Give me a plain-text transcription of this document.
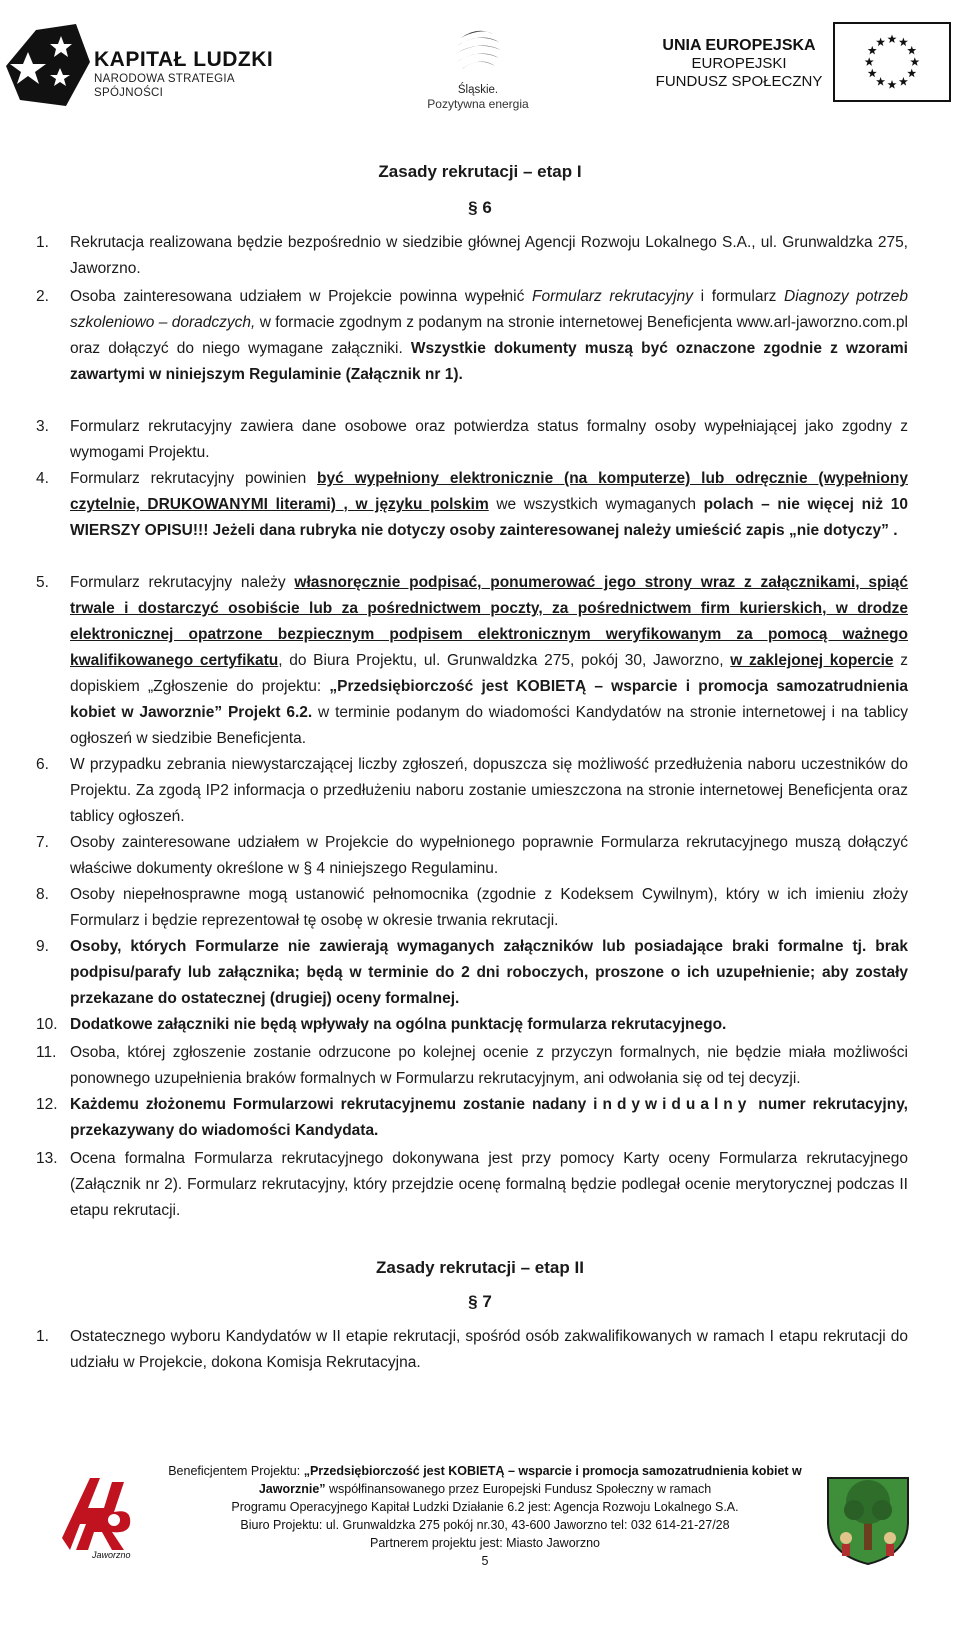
KAPITAŁ LUDZKI
NARODOWA STRATEGIA SPÓJNOŚCI	Śląskie.
Pozytywna energia
UNIA EUROPEJSKA
EUROPEJSKI
FUNDUSZ SPOŁECZNY
Zasady rekrutacji – etap I
§ 6
1. Rekrutacja realizowana będzie bezpośrednio w siedzibie głównej Agencji Rozwoju Lokalnego S.A., ul. Grunwaldzka 275, Jaworzno.
2. Osoba zainteresowana udziałem w Projekcie powinna wypełnić Formularz rekrutacyjny i formularz Diagnozy potrzeb szkoleniowo – doradczych, w formacie zgodnym z podanym na stronie internetowej Beneficjenta www.arl-jaworzno.com.pl oraz dołączyć do niego wymagane załączniki. Wszystkie dokumenty muszą być oznaczone zgodnie z wzorami zawartymi w niniejszym Regulaminie (Załącznik nr 1).
3. Formularz rekrutacyjny zawiera dane osobowe oraz potwierdza status formalny osoby wypełniającej jako zgodny z wymogami Projektu.
4. Formularz rekrutacyjny powinien być wypełniony elektronicznie (na komputerze) lub odręcznie (wypełniony czytelnie, DRUKOWANYMI literami) , w języku polskim we wszystkich wymaganych polach – nie więcej niż 10 WIERSZY OPISU!!! Jeżeli dana rubryka nie dotyczy osoby zainteresowanej należy umieścić zapis „nie dotyczy” .
5. Formularz rekrutacyjny należy własnoręcznie podpisać, ponumerować jego strony wraz z załącznikami, spiąć trwale i dostarczyć osobiście lub za pośrednictwem poczty, za pośrednictwem firm kurierskich, w drodze elektronicznej opatrzone bezpiecznym podpisem elektronicznym weryfikowanym za pomocą ważnego kwalifikowanego certyfikatu, do Biura Projektu, ul. Grunwaldzka 275, pokój 30, Jaworzno, w zaklejonej kopercie z dopiskiem „Zgłoszenie do projektu: „Przedsiębiorczość jest KOBIETĄ – wsparcie i promocja samozatrudnienia kobiet w Jaworznie” Projekt 6.2. w terminie podanym do wiadomości Kandydatów na stronie internetowej i na tablicy ogłoszeń w siedzibie Beneficjenta.
6. W przypadku zebrania niewystarczającej liczby zgłoszeń, dopuszcza się możliwość przedłużenia naboru uczestników do Projektu. Za zgodą IP2 informacja o przedłużeniu naboru zostanie umieszczona na stronie internetowej Beneficjenta oraz tablicy ogłoszeń.
7. Osoby zainteresowane udziałem w Projekcie do wypełnionego poprawnie Formularza rekrutacyjnego muszą dołączyć właściwe dokumenty określone w § 4 niniejszego Regulaminu.
8. Osoby niepełnosprawne mogą ustanowić pełnomocnika (zgodnie z Kodeksem Cywilnym), który w ich imieniu złoży Formularz i będzie reprezentował tę osobę w okresie trwania rekrutacji.
9. Osoby, których Formularze nie zawierają wymaganych załączników lub posiadające braki formalne tj. brak podpisu/parafy lub załącznika; będą w terminie do 2 dni roboczych, proszone o ich uzupełnienie; aby zostały przekazane do ostatecznej (drugiej) oceny formalnej.
10. Dodatkowe załączniki nie będą wpływały na ogólna punktację formularza rekrutacyjnego.
11. Osoba, której zgłoszenie zostanie odrzucone po kolejnej ocenie z przyczyn formalnych, nie będzie miała możliwości ponownego uzupełnienia braków formalnych w Formularzu rekrutacyjnym, ani odwołania się od tej decyzji.
12. Każdemu złożonemu Formularzowi rekrutacyjnemu zostanie nadany indywidualny numer rekrutacyjny, przekazywany do wiadomości Kandydata.
13. Ocena formalna Formularza rekrutacyjnego dokonywana jest przy pomocy Karty oceny Formularza rekrutacyjnego (Załącznik nr 2). Formularz rekrutacyjny, który przejdzie ocenę formalną będzie podlegał ocenie merytorycznej podczas II etapu rekrutacji.
Zasady rekrutacji – etap II
§ 7
1. Ostatecznego wyboru Kandydatów w II etapie rekrutacji, spośród osób zakwalifikowanych w ramach I etapu rekrutacji do udziału w Projekcie, dokona Komisja Rekrutacyjna.
Jaworzno
Beneficjentem Projektu: „Przedsiębiorczość jest KOBIETĄ – wsparcie i promocja samozatrudnienia kobiet w Jaworznie” współfinansowanego przez Europejski Fundusz Społeczny w ramach
Programu Operacyjnego Kapitał Ludzki Działanie 6.2 jest: Agencja Rozwoju Lokalnego S.A.
Biuro Projektu: ul. Grunwaldzka 275 pokój nr.30, 43-600 Jaworzno tel: 032 614-21-27/28
Partnerem projektu jest: Miasto Jaworzno
5
